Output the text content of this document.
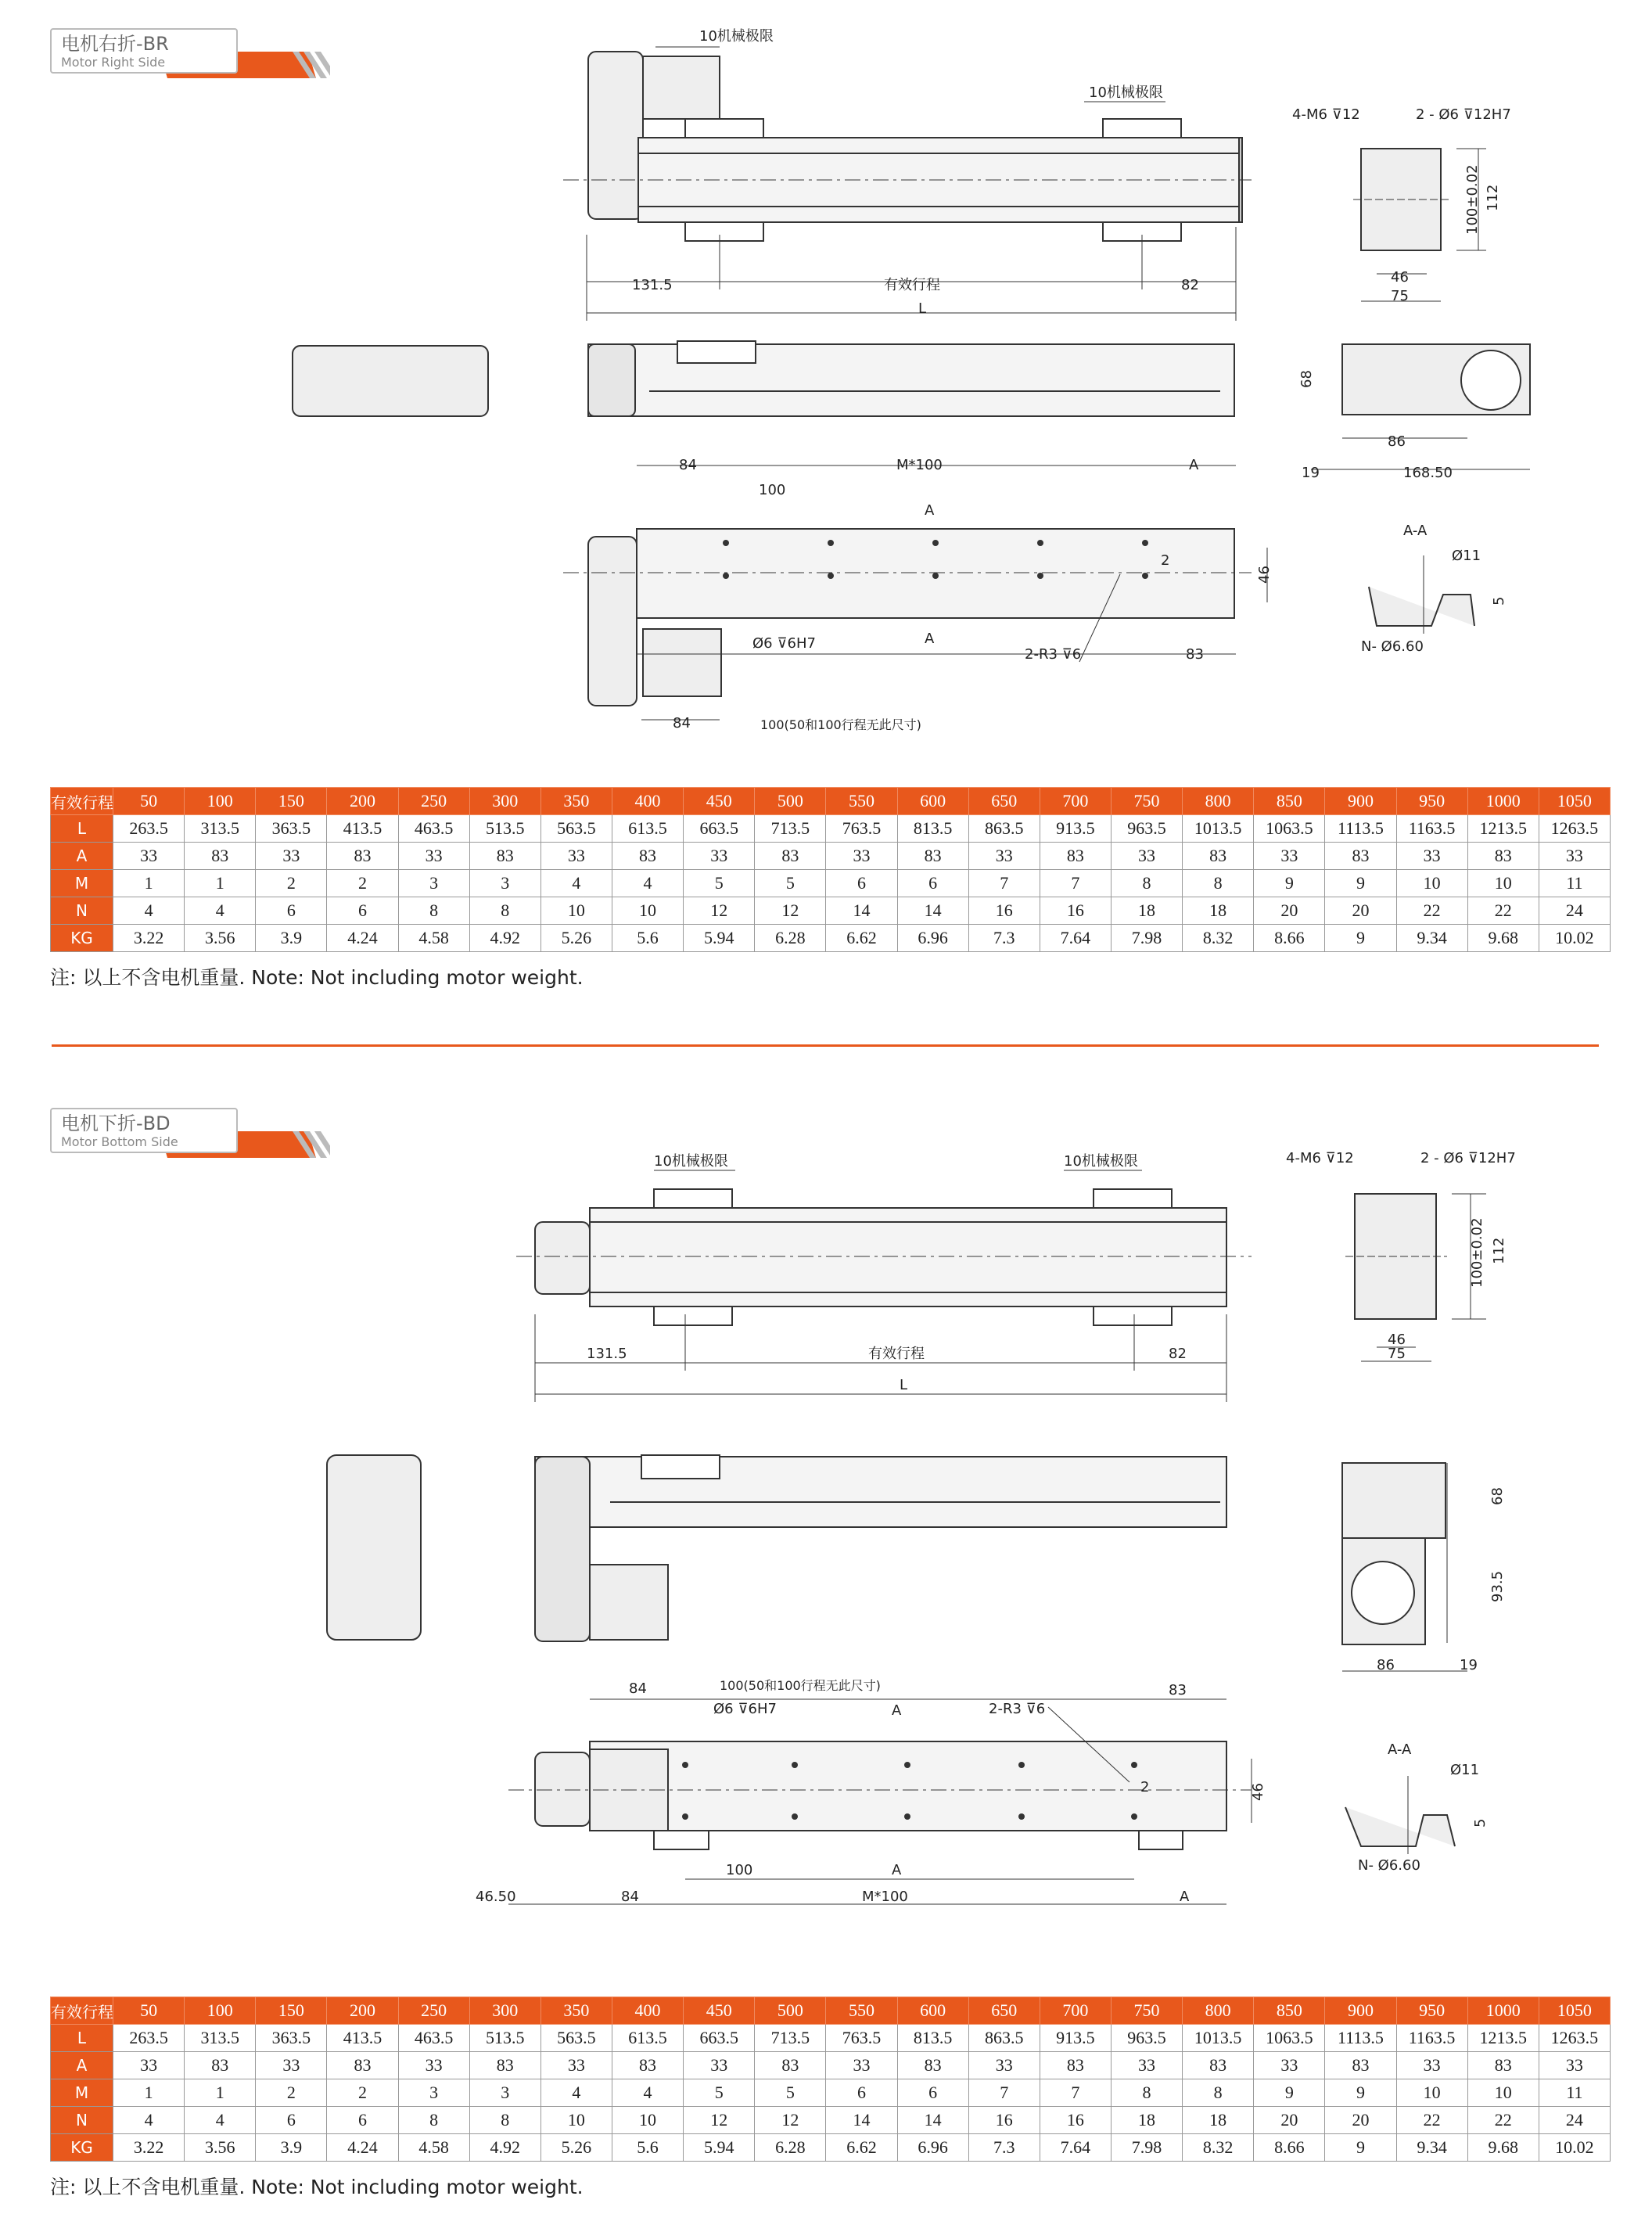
电机右折-BR
Motor Right Side
10机械极限
10机械极限
131.5	有效行程	82
L
4-M6 ⊽12	2 - Ø6 ⊽12H7
46
75
100±0.02 112
68
86
19	168.50
84	M*100	A
100
A
A
Ø6 ⊽6H7
2-R3 ⊽6	83
84	100(50和100行程无此尺寸)
46
2
A-A
Ø11
5
N- Ø6.60
有效行程	50	100	150	200	250	300	350	400	450	500	550	600	650	700	750	800	850	900	950	1000	1050
L	263.5	313.5	363.5	413.5	463.5	513.5	563.5	613.5	663.5	713.5	763.5	813.5	863.5	913.5	963.5	1013.5	1063.5	1113.5	1163.5	1213.5	1263.5
A	33	83	33	83	33	83	33	83	33	83	33	83	33	83	33	83	33	83	33	83	33
M	1	1	2	2	3	3	4	4	5	5	6	6	7	7	8	8	9	9	10	10	11
N	4	4	6	6	8	8	10	10	12	12	14	14	16	16	18	18	20	20	22	22	24
KG	3.22	3.56	3.9	4.24	4.58	4.92	5.26	5.6	5.94	6.28	6.62	6.96	7.3	7.64	7.98	8.32	8.66	9	9.34	9.68	10.02
注: 以上不含电机重量. Note: Not including motor weight.
电机下折-BD
Motor Bottom Side
10机械极限	10机械极限
131.5	有效行程	82
L
4-M6 ⊽12	2 - Ø6 ⊽12H7
46
75
100±0.02 112
68
93.5
86	19
84	100(50和100行程无此尺寸)
Ø6 ⊽6H7	2-R3 ⊽6
83
A
A
2	46
46.50	84
100
M*100	A
A-A
Ø11
5
N- Ø6.60
有效行程	50	100	150	200	250	300	350	400	450	500	550	600	650	700	750	800	850	900	950	1000	1050
L	263.5	313.5	363.5	413.5	463.5	513.5	563.5	613.5	663.5	713.5	763.5	813.5	863.5	913.5	963.5	1013.5	1063.5	1113.5	1163.5	1213.5	1263.5
A	33	83	33	83	33	83	33	83	33	83	33	83	33	83	33	83	33	83	33	83	33
M	1	1	2	2	3	3	4	4	5	5	6	6	7	7	8	8	9	9	10	10	11
N	4	4	6	6	8	8	10	10	12	12	14	14	16	16	18	18	20	20	22	22	24
KG	3.22	3.56	3.9	4.24	4.58	4.92	5.26	5.6	5.94	6.28	6.62	6.96	7.3	7.64	7.98	8.32	8.66	9	9.34	9.68	10.02
注: 以上不含电机重量. Note: Not including motor weight.
